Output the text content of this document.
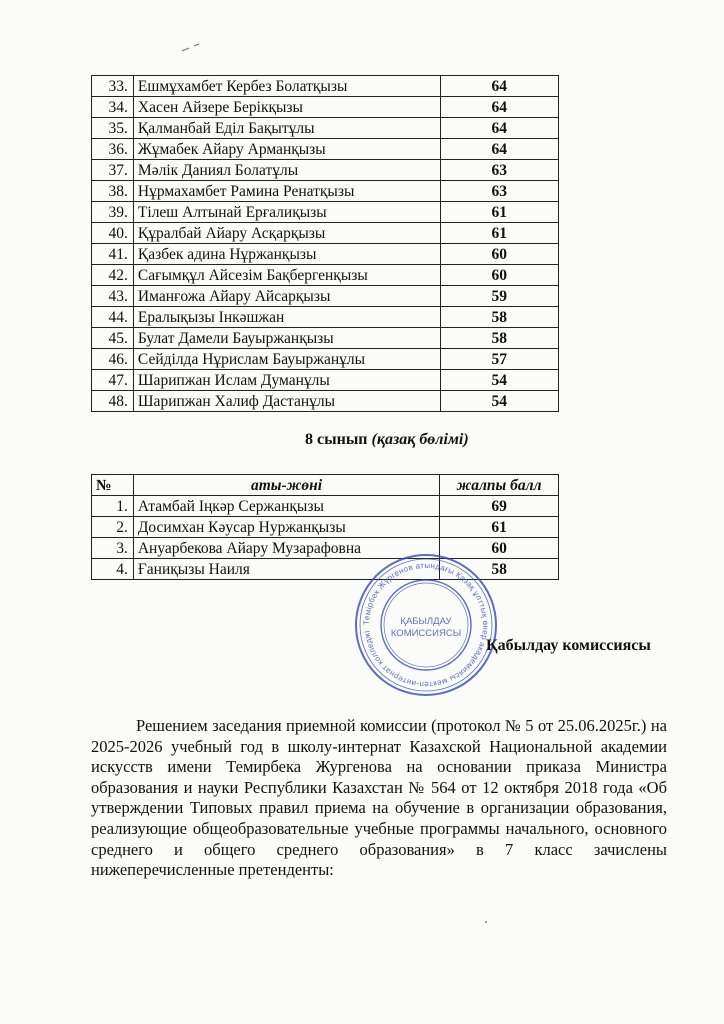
33.	Ешмұхамбет Кербез Болатқызы	64
34.	Хасен Айзере Берікқызы	64
35.	Қалманбай Еділ Бақытұлы	64
36.	Жұмабек Айару Арманқызы	64
37.	Мәлік Даниял Болатұлы	63
38.	Нұрмахамбет Рамина Ренатқызы	63
39.	Тілеш Алтынай Ерғалиқызы	61
40.	Құралбай Айару Асқарқызы	61
41.	Қазбек адина Нұржанқызы	60
42.	Сағымқұл Айсезім Бақбергенқызы	60
43.	Иманғожа Айару Айсарқызы	59
44.	Ералықызы Інкәшжан	58
45.	Булат Дамели Бауыржанқызы	58
46.	Сейділда Нұрислам Бауыржанұлы	57
47.	Шарипжан Ислам Думанұлы	54
48.	Шарипжан Халиф Дастанұлы	54
8 сынып (қазақ бөлімі)
№	аты-жөні	жалпы балл
1.	Атамбай Іңкәр Сержанқызы	69
2.	Досимхан Кәусар Нуржанқызы	61
3.	Ануарбекова Айару Музарафовна	60
4.	Ғаниқызы Наиля	58
Темірбек Жүргенов атындағы Қазақ ұлттық өнер академиясы мектеп-интернат колледжі
ҚАБЫЛДАУ
КОМИССИЯСЫ
Қабылдау комиссиясы

Решением заседания приемной комиссии (протокол № 5 от 25.06.2025г.) на 2025-2026 учебный год в школу-интернат Казахской Национальной академии искусств имени Темирбека Жургенова на основании приказа Министра образования и науки Республики Казахстан № 564 от 12 октября 2018 года «Об утверждении Типовых правил приема на обучение в организации образования, реализующие общеобразовательные учебные программы начального, основного среднего и общего среднего образования» в 7 класс зачислены нижеперечисленные претенденты:
